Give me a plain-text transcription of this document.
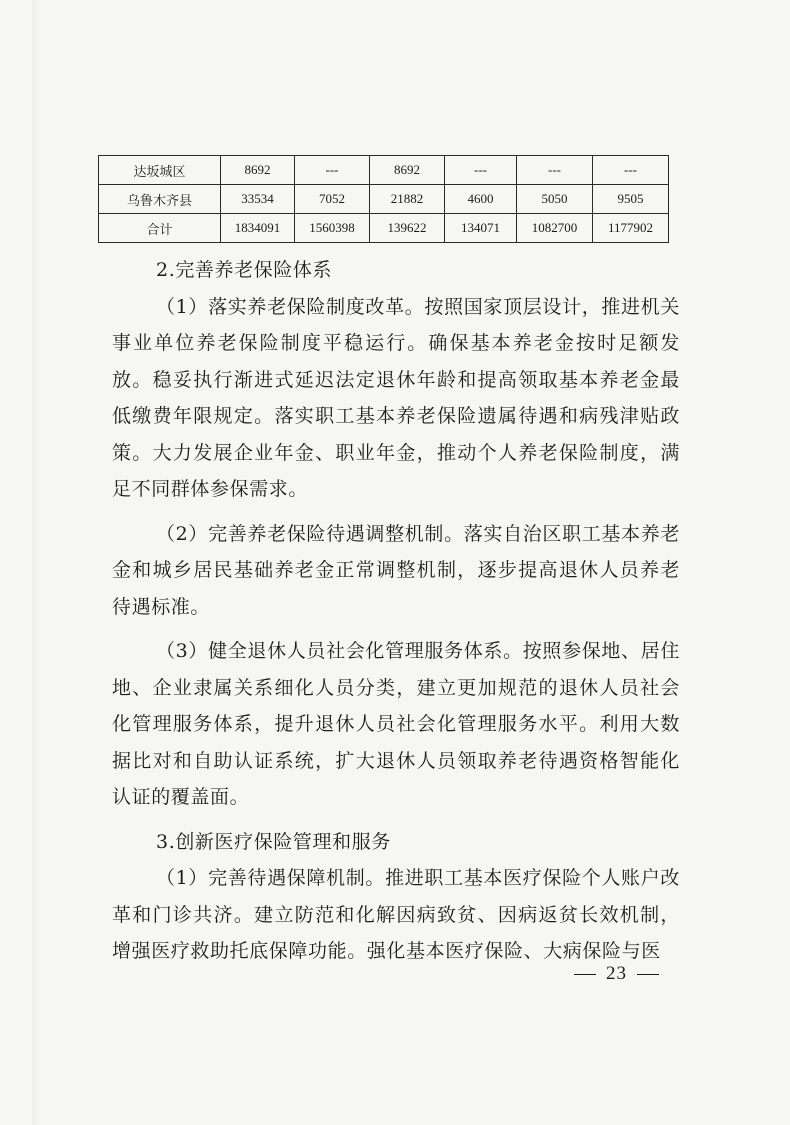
达坂城区	8692	---	8692	---	---	---
乌鲁木齐县	33534	7052	21882	4600	5050	9505
合计	1834091	1560398	139622	134071	1082700	1177902

2.完善养老保险体系

（1）落实养老保险制度改革。按照国家顶层设计，推进机关事业单位养老保险制度平稳运行。确保基本养老金按时足额发放。稳妥执行渐进式延迟法定退休年龄和提高领取基本养老金最低缴费年限规定。落实职工基本养老保险遗属待遇和病残津贴政策。大力发展企业年金、职业年金，推动个人养老保险制度，满足不同群体参保需求。

（2）完善养老保险待遇调整机制。落实自治区职工基本养老金和城乡居民基础养老金正常调整机制，逐步提高退休人员养老待遇标准。

（3）健全退休人员社会化管理服务体系。按照参保地、居住地、企业隶属关系细化人员分类，建立更加规范的退休人员社会化管理服务体系，提升退休人员社会化管理服务水平。利用大数据比对和自助认证系统，扩大退休人员领取养老待遇资格智能化认证的覆盖面。

3.创新医疗保险管理和服务

（1）完善待遇保障机制。推进职工基本医疗保险个人账户改革和门诊共济。建立防范和化解因病致贫、因病返贫长效机制，增强医疗救助托底保障功能。强化基本医疗保险、大病保险与医

23
